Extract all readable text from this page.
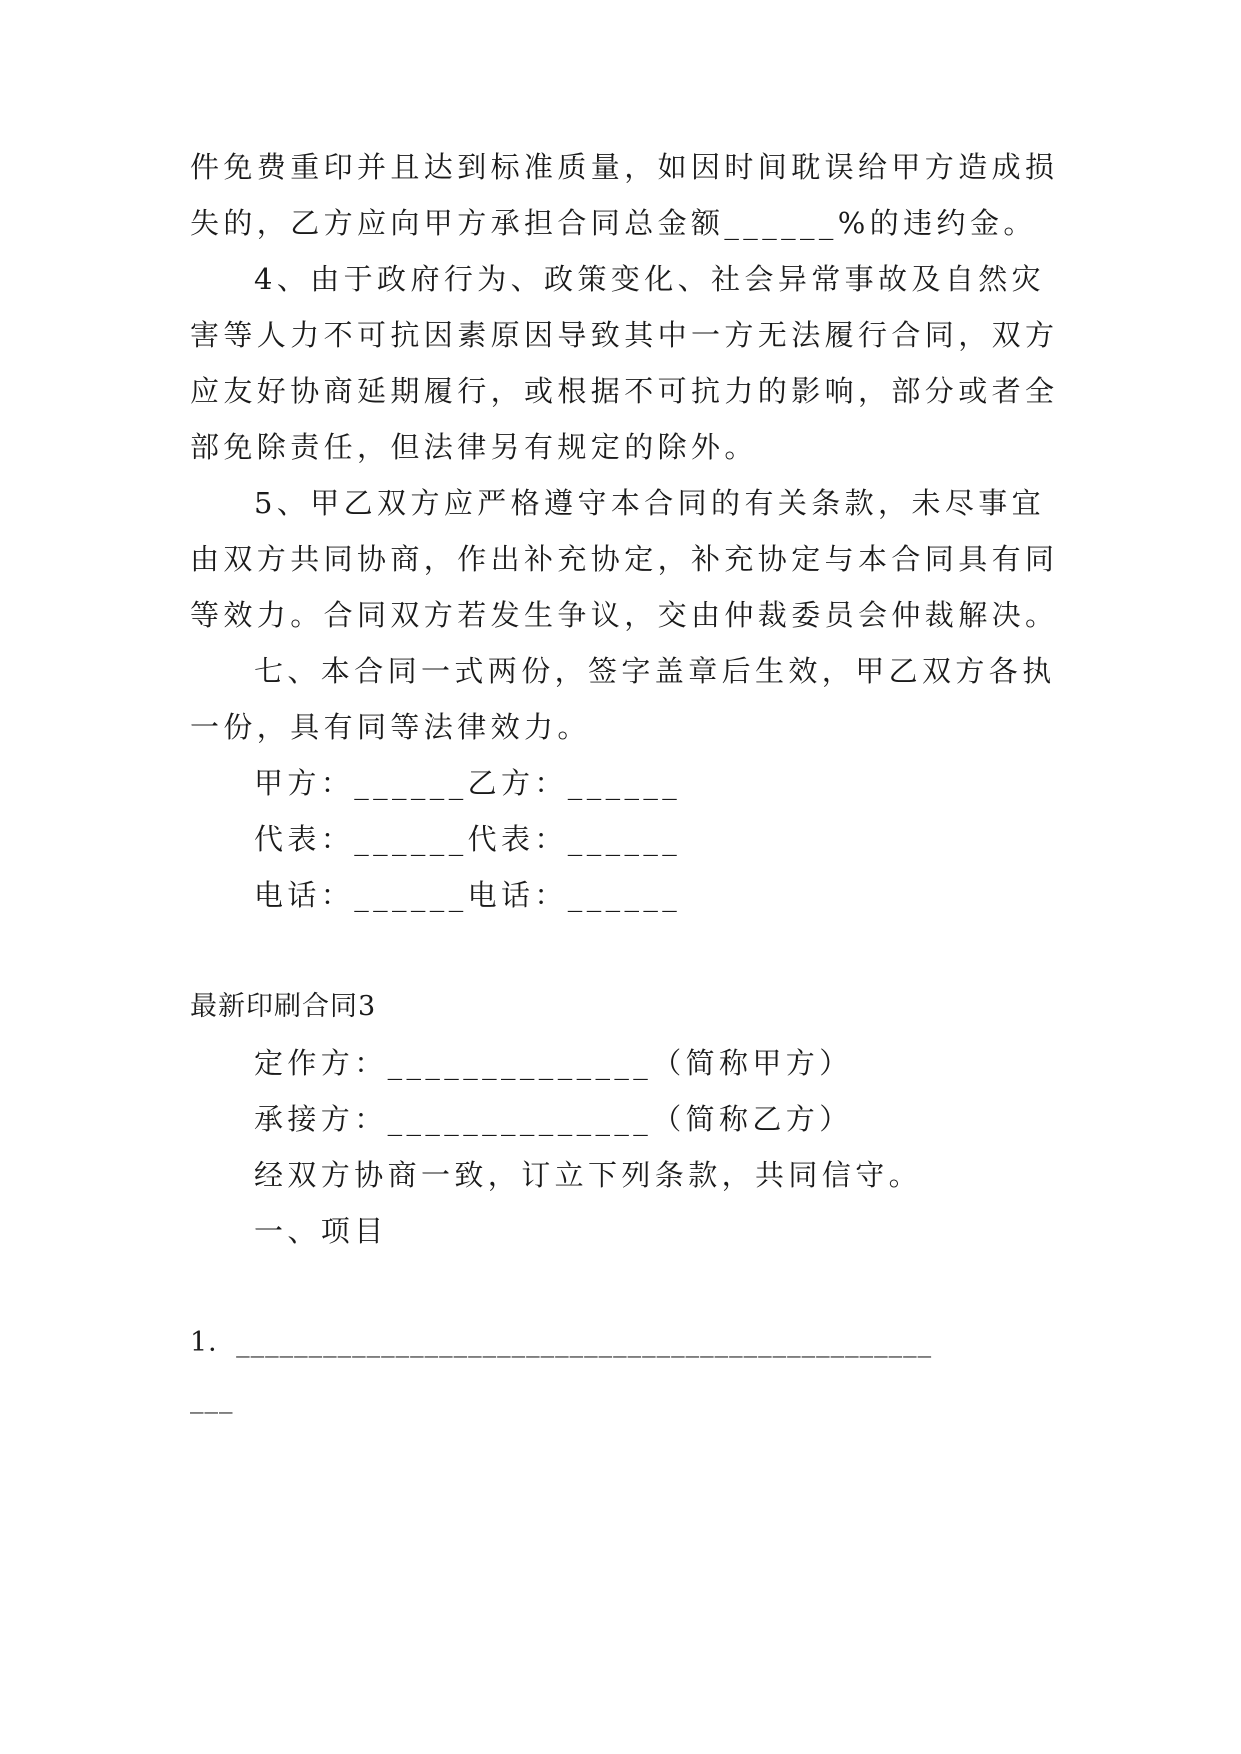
件免费重印并且达到标准质量，如因时间耽误给甲方造成损
失的，乙方应向甲方承担合同总金额______%的违约金。
4、由于政府行为、政策变化、社会异常事故及自然灾
害等人力不可抗因素原因导致其中一方无法履行合同，双方
应友好协商延期履行，或根据不可抗力的影响，部分或者全
部免除责任，但法律另有规定的除外。
5、甲乙双方应严格遵守本合同的有关条款，未尽事宜
由双方共同协商，作出补充协定，补充协定与本合同具有同
等效力。合同双方若发生争议，交由仲裁委员会仲裁解决。
七、本合同一式两份，签字盖章后生效，甲乙双方各执
一份，具有同等法律效力。
甲方：______乙方：______
代表：______代表：______
电话：______电话：______
最新印刷合同3
定作方：______________（简称甲方）
承接方：______________（简称乙方）
经双方协商一致，订立下列条款，共同信守。
一、项目
1．________________________________________________
___
